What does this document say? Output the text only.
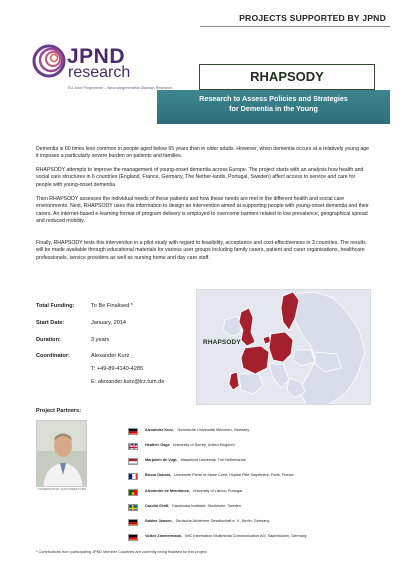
PROJECTS SUPPORTED BY JPND
JPND
research
EU Joint Programme – Neurodegenerative Disease Research
RHAPSODY
Research to Assess Policies and Strategies
for Dementia in the Young
Dementia is 60 times less common in people aged below 65 years than in older adults. However, when dementia occurs at a relatively young age it imposes a particularly severe burden on patients and families.
RHAPSODY attempts to improve the management of young-onset dementia across Europe. The project starts with an analysis how health and social care structures in 6 countries (England, France, Germany, The Nether-lands, Portugal, Sweden) affect access to service and care for people with young-onset dementia.
Then RHAPSODY assesses the individual needs of these patients and how these needs are met in the different health and social care environments. Next, RHAPSODY uses this information to design an intervention aimed at supporting people with young-onset dementia and their carers. An internet-based e-learning format of program delivery is employed to overcome barriers related to low prevalence, geographical spread and reduced mobility.
Finally, RHAPSODY tests this intervention in a pilot study with regard to feasibility, acceptance and cost-effectiveness in 3 countries. The results will be made available through educational materials for various user groups including family carers, patient and carer organisations, healthcare professionals, service providers as well as nursing home and day care staff.
Total Funding:	To Be Finalised *
Start Date:	January, 2014
Duration:	3 years
Coordinator:	Alexander Kurz
T: +49-89-4140-4285
E: alexander.kurz@lrz.tum.de
RHAPSODY
Project Partners:
COORDINATOR / ALEXANDER KURZ
Alexander Kurz, Technische Universität München, Germany
Heather Gage University of Surrey, United Kingdom
Marjolein de Vugt, Maastricht University, The Netherlands
Bruno Dubois, Université Pierre et Marie Curie, Hôpital Pitié Salpêtrière, Paris, France
Alexandre de Mendonca, University of Lisbon, Portugal
Carolin Graff, Karolinska Institutet, Stockholm, Sweden
Sabine Jansen, Deutsche Alzheimer Gesellschaft e. V., Berlin, Germany
Volker Zimmermann, IMC Information Multimedia Communication AG, Saarbrücken, Germany
* Contributions from participating JPND Member Countries are currently being finalised for this project
